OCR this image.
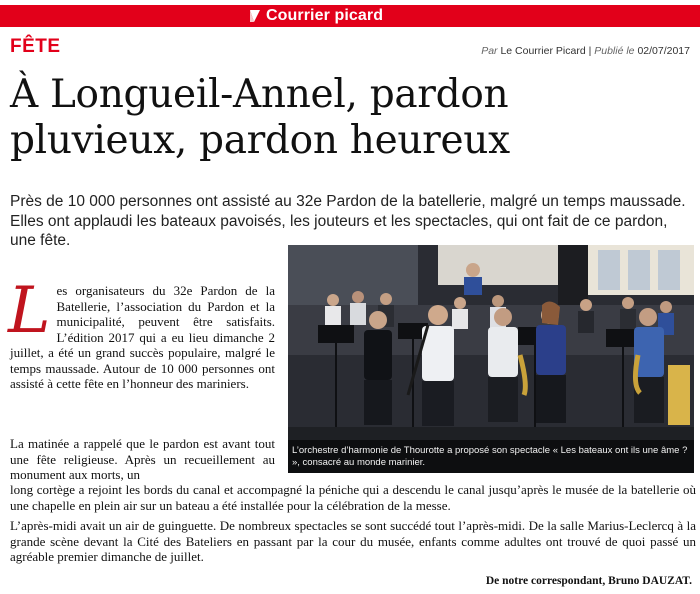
Courrier picard
FÊTE	Par Le Courrier Picard | Publié le 02/07/2017
À Longueil-Annel, pardon pluvieux, pardon heureux

Près de 10 000 personnes ont assisté au 32e Pardon de la batellerie, malgré un temps maussade. Elles ont applaudi les bateaux pavoisés, les jouteurs et les spectacles, qui ont fait de ce pardon, une fête.

L’orchestre d’harmonie de Thourotte a proposé son spectacle « Les bateaux ont ils une âme ? », consacré au monde marinier.
L es organisateurs du 32e Pardon de la Batellerie, l’association du Pardon et la municipalité, peuvent être satisfaits. L’édition 2017 qui a eu lieu dimanche 2 juillet, a été un grand succès populaire, malgré le temps maussade. Autour de 10 000 personnes ont assisté à cette fête en l’honneur des mariniers.

La matinée a rappelé que le pardon est avant tout une fête religieuse. Après un recueillement au monument aux morts, un

long cortège a rejoint les bords du canal et accompagné la péniche qui a descendu le canal jusqu’après le musée de la batellerie où une chapelle en plein air sur un bateau a été installée pour la célébration de la messe.

L’après-midi avait un air de guinguette. De nombreux spectacles se sont succédé tout l’après-midi. De la salle Marius-Leclercq à la grande scène devant la Cité des Bateliers en passant par la cour du musée, enfants comme adultes ont trouvé de quoi passé un agréable premier dimanche de juillet.

De notre correspondant, Bruno DAUZAT.
